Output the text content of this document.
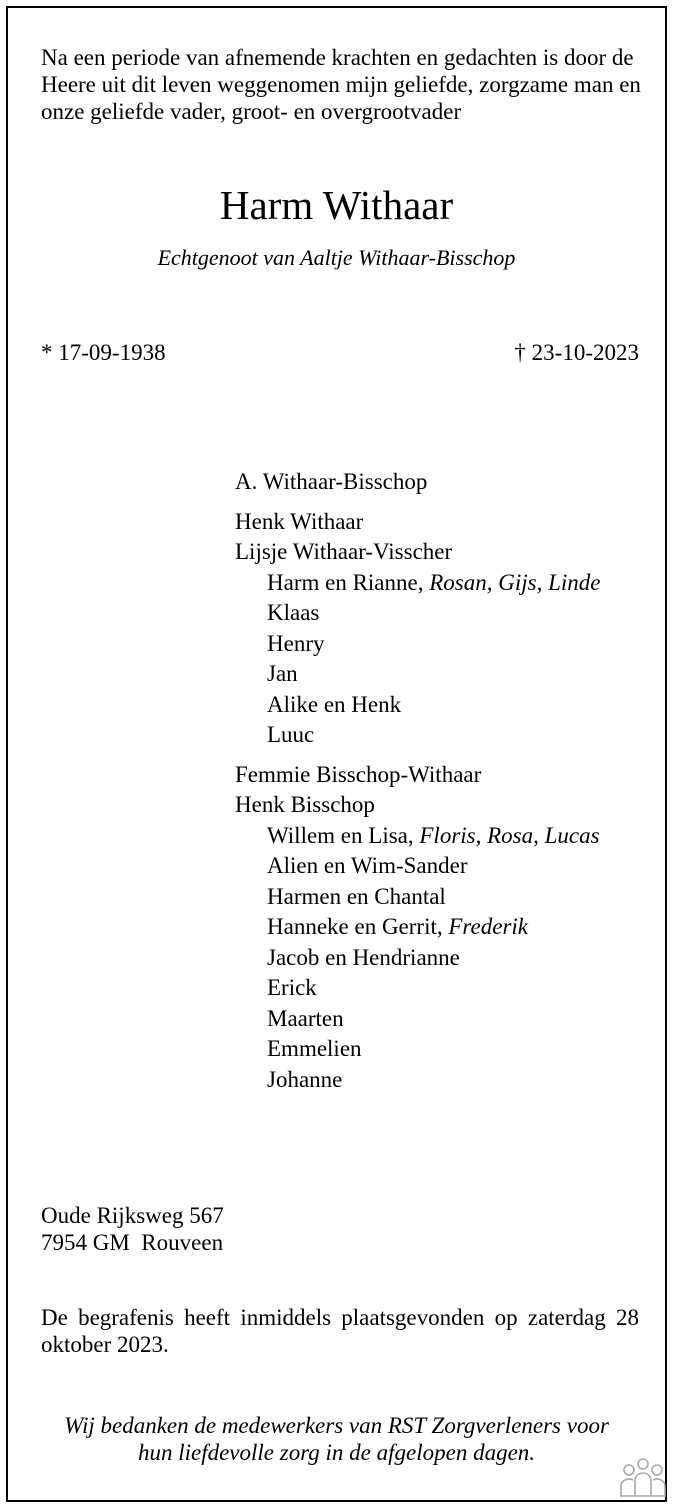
Na een periode van afnemende krachten en gedachten is door de Heere uit dit leven weggenomen mijn geliefde, zorgzame man en onze geliefde vader, groot- en overgrootvader

Harm Withaar
Echtgenoot van Aaltje Withaar-Bisschop
* 17-09-1938	† 23-10-2023
A. Withaar-Bisschop
Henk Withaar
Lijsje Withaar-Visscher
Harm en Rianne, Rosan, Gijs, Linde
Klaas
Henry
Jan
Alike en Henk
Luuc
Femmie Bisschop-Withaar
Henk Bisschop
Willem en Lisa, Floris, Rosa, Lucas
Alien en Wim-Sander
Harmen en Chantal
Hanneke en Gerrit, Frederik
Jacob en Hendrianne
Erick
Maarten
Emmelien
Johanne
Oude Rijksweg 567
7954 GM  Rouveen

De begrafenis heeft inmiddels plaatsgevonden op zaterdag 28 oktober 2023.

Wij bedanken de medewerkers van RST Zorgverleners voor
hun liefdevolle zorg in de afgelopen dagen.
